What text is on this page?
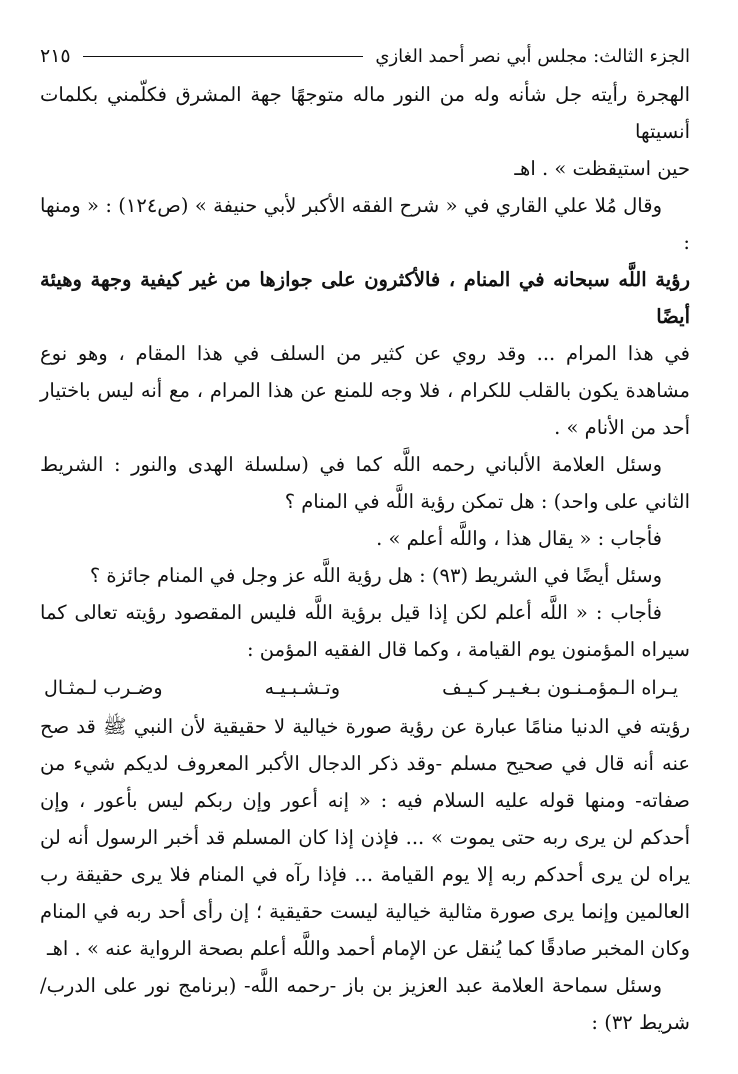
الجزء الثالث: مجلس أبي نصر أحمد الغازي
٢١٥

الهجرة رأيته جل شأنه وله من النور ماله متوجهًا جهة المشرق فكلّمني بكلمات أنسيتها

حين استيقظت » . اهـ

وقال مُلا علي القاري في « شرح الفقه الأكبر لأبي حنيفة » (ص١٢٤) : « ومنها :

رؤية اللَّه سبحانه في المنام ، فالأكثرون على جوازها من غير كيفية وجهة وهيئة أيضًا

في هذا المرام ... وقد روي عن كثير من السلف في هذا المقام ، وهو نوع مشاهدة يكون بالقلب للكرام ، فلا وجه للمنع عن هذا المرام ، مع أنه ليس باختيار أحد من الأنام » .

وسئل العلامة الألباني رحمه اللَّه كما في (سلسلة الهدى والنور : الشريط الثاني على واحد) : هل تمكن رؤية اللَّه في المنام ؟

فأجاب : « يقال هذا ، واللَّه أعلم » .

وسئل أيضًا في الشريط (٩٣) : هل رؤية اللَّه عز وجل في المنام جائزة ؟

فأجاب : « اللَّه أعلم لكن إذا قيل برؤية اللَّه فليس المقصود رؤيته تعالى كما سيراه المؤمنون يوم القيامة ، وكما قال الفقيه المؤمن :

يـراه الـمؤمـنـون بـغـيـر كـيـف
وتـشـبـيـه
وضـرب لـمثـال

رؤيته في الدنيا منامًا عبارة عن رؤية صورة خيالية لا حقيقية لأن النبي ﷺ قد صح عنه أنه قال في صحيح مسلم -وقد ذكر الدجال الأكبر المعروف لديكم شيء من صفاته- ومنها قوله عليه السلام فيه : « إنه أعور وإن ربكم ليس بأعور ، وإن أحدكم لن يرى ربه حتى يموت » ... فإذن إذا كان المسلم قد أخبر الرسول أنه لن يراه لن يرى أحدكم ربه إلا يوم القيامة ... فإذا رآه في المنام فلا يرى حقيقة رب العالمين وإنما يرى صورة مثالية خيالية ليست حقيقية ؛ إن رأى أحد ربه في المنام وكان المخبر صادقًا كما يُنقل عن الإمام أحمد واللَّه أعلم بصحة الرواية عنه » . اهـ

وسئل سماحة العلامة عبد العزيز بن باز -رحمه اللَّه- (برنامج نور على الدرب/ شريط ٣٢) :
